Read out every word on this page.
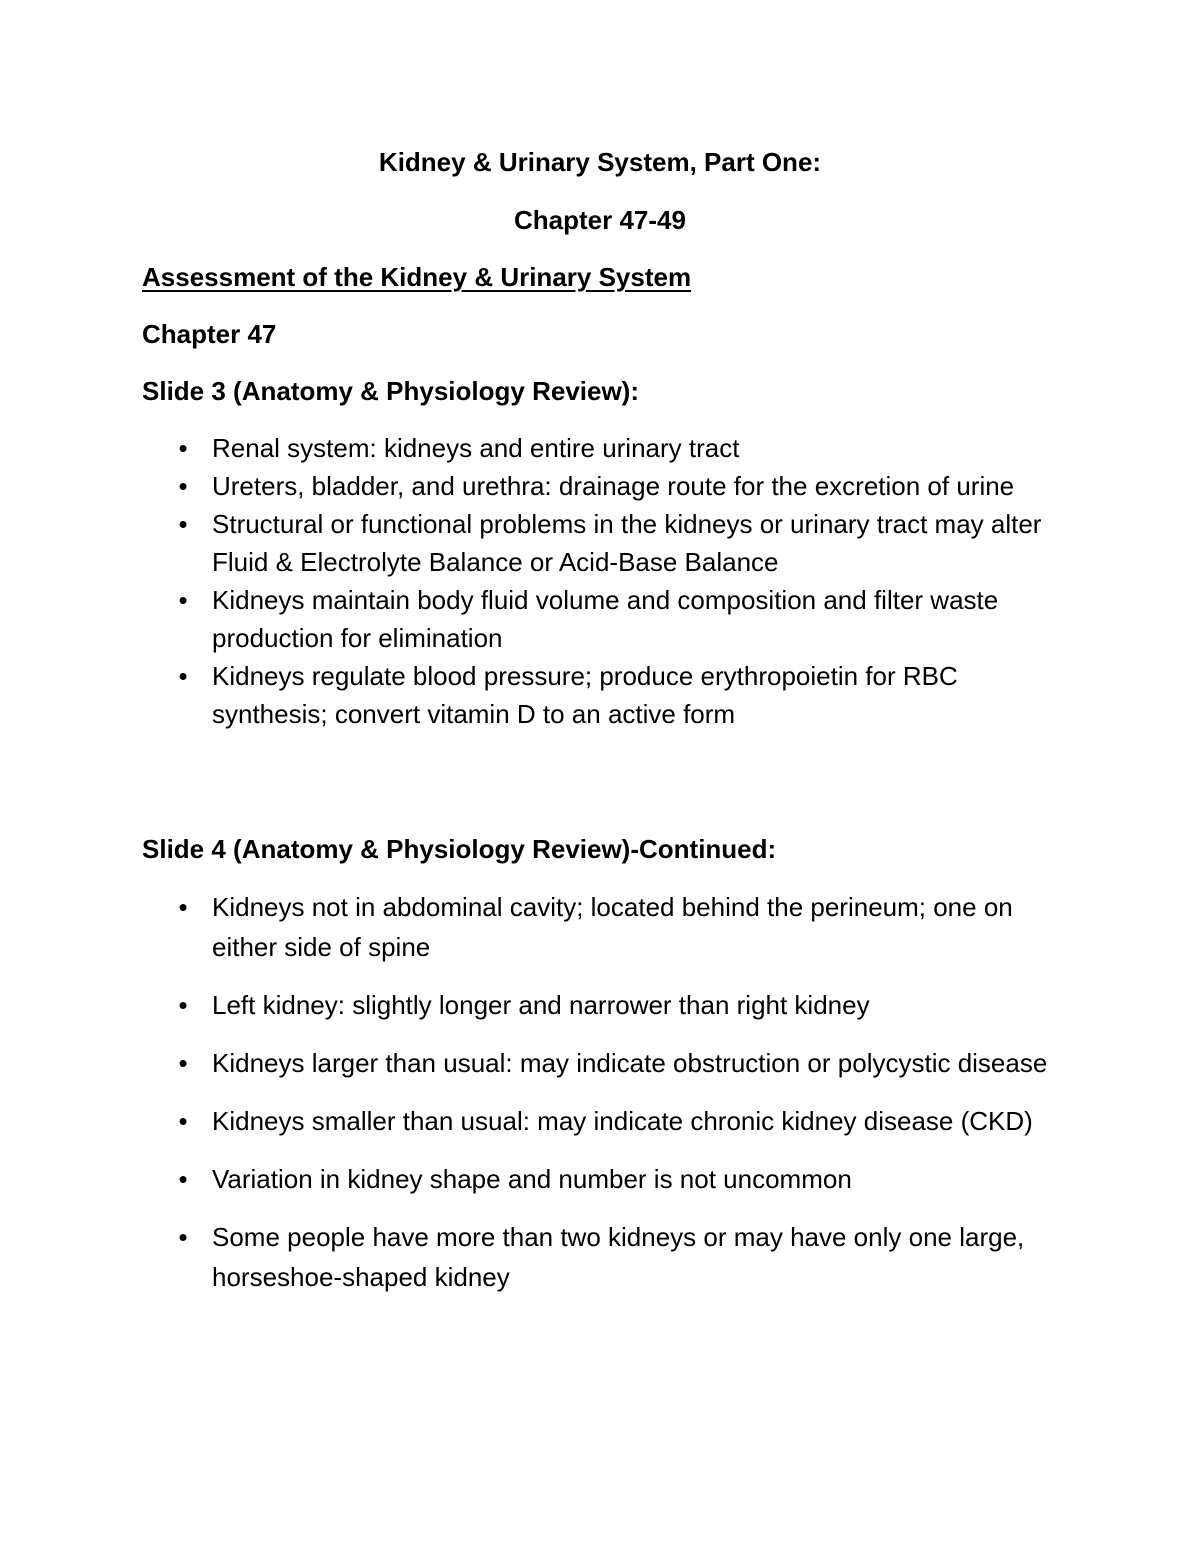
Kidney & Urinary System, Part One:
Chapter 47-49
Assessment of the Kidney & Urinary System
Chapter 47
Slide 3 (Anatomy & Physiology Review):
• Renal system: kidneys and entire urinary tract
• Ureters, bladder, and urethra: drainage route for the excretion of urine
• Structural or functional problems in the kidneys or urinary tract may alter Fluid & Electrolyte Balance or Acid-Base Balance
• Kidneys maintain body fluid volume and composition and filter waste production for elimination
• Kidneys regulate blood pressure; produce erythropoietin for RBC synthesis; convert vitamin D to an active form
Slide 4 (Anatomy & Physiology Review)-Continued:
• Kidneys not in abdominal cavity; located behind the perineum; one on either side of spine
• Left kidney: slightly longer and narrower than right kidney
• Kidneys larger than usual: may indicate obstruction or polycystic disease
• Kidneys smaller than usual: may indicate chronic kidney disease (CKD)
• Variation in kidney shape and number is not uncommon
• Some people have more than two kidneys or may have only one large, horseshoe-shaped kidney
